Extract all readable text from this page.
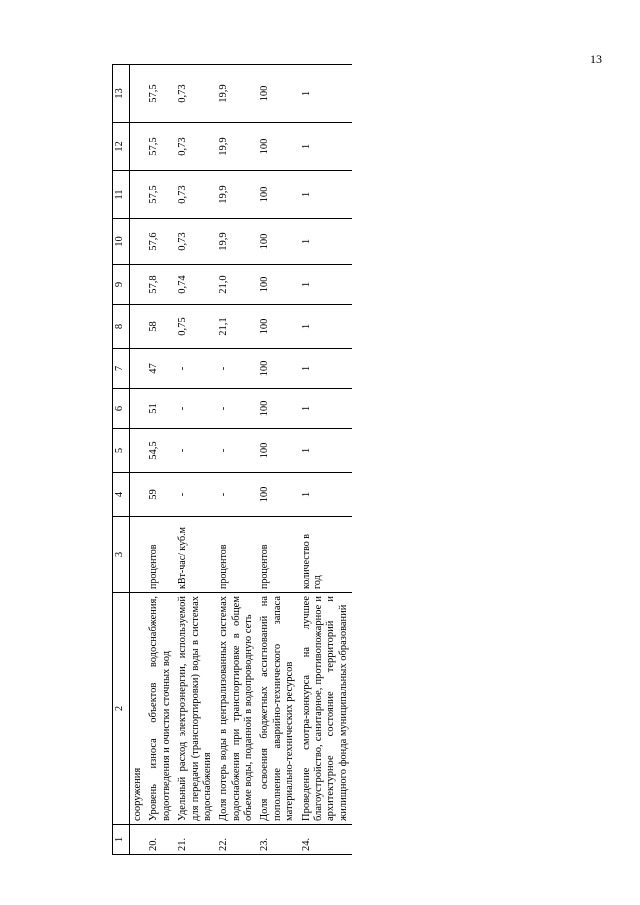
13
1	2	3	4	5	6	7	8	9	10	11	12	13
	сооружения											
20.	Уровень износа объектов водоснабжения, водоотведения и очистки сточных вод	процентов	59	54,5	51	47	58	57,8	57,6	57,5	57,5	57,5
21.	Удельный расход электроэнергии, используемой для передачи (транспортировки) воды в системах водоснабжения	кВт-час/ куб.м	-	-	-	-	0,75	0,74	0,73	0,73	0,73	0,73
22.	Доля потерь воды в централизованных системах водоснабжения при транспортировке в общем объеме воды, поданной в водопроводную сеть	процентов	-	-	-	-	21,1	21,0	19,9	19,9	19,9	19,9
23.	Доля освоения бюджетных ассигнований на пополнение аварийно-технического запаса материально-технических ресурсов	процентов	100	100	100	100	100	100	100	100	100	100
24.	Проведение смотра-конкурса на лучшее благоустройство, санитарное, противопожарное и архитектурное состояние территорий и жилищного фонда муниципальных образований	количество в год	1	1	1	1	1	1	1	1	1	1
